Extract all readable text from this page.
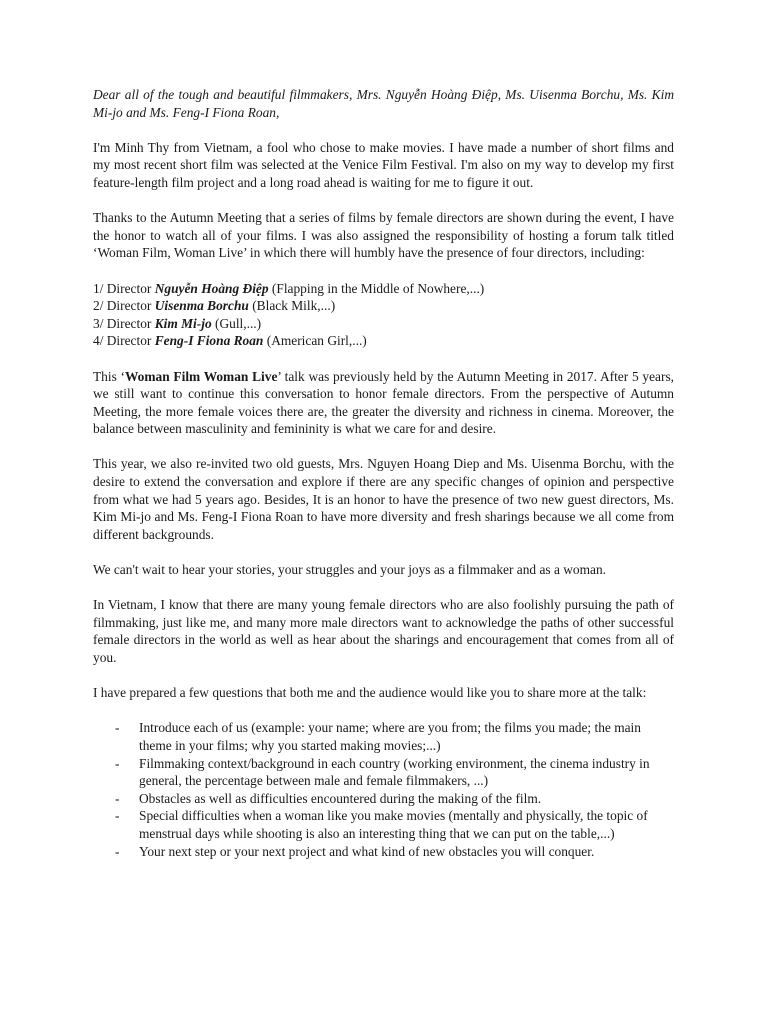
Dear all of the tough and beautiful filmmakers, Mrs. Nguyễn Hoàng Điệp, Ms. Uisenma Borchu, Ms. Kim Mi-jo and Ms. Feng-I Fiona Roan,

I'm Minh Thy from Vietnam, a fool who chose to make movies. I have made a number of short films and my most recent short film was selected at the Venice Film Festival. I'm also on my way to develop my first feature-length film project and a long road ahead is waiting for me to figure it out.

Thanks to the Autumn Meeting that a series of films by female directors are shown during the event, I have the honor to watch all of your films. I was also assigned the responsibility of hosting a forum talk titled ‘Woman Film, Woman Live’ in which there will humbly have the presence of four directors, including:

1/ Director Nguyễn Hoàng Điệp (Flapping in the Middle of Nowhere,...)
2/ Director Uisenma Borchu (Black Milk,...)
3/ Director Kim Mi-jo (Gull,...)
4/ Director Feng-I Fiona Roan (American Girl,...)

This ‘Woman Film Woman Live’ talk was previously held by the Autumn Meeting in 2017. After 5 years, we still want to continue this conversation to honor female directors. From the perspective of Autumn Meeting, the more female voices there are, the greater the diversity and richness in cinema. Moreover, the balance between masculinity and femininity is what we care for and desire.

This year, we also re-invited two old guests, Mrs. Nguyen Hoang Diep and Ms. Uisenma Borchu, with the desire to extend the conversation and explore if there are any specific changes of opinion and perspective from what we had 5 years ago. Besides, It is an honor to have the presence of two new guest directors, Ms. Kim Mi-jo and Ms. Feng-I Fiona Roan to have more diversity and fresh sharings because we all come from different backgrounds.

We can't wait to hear your stories, your struggles and your joys as a filmmaker and as a woman.

In Vietnam, I know that there are many young female directors who are also foolishly pursuing the path of filmmaking, just like me, and many more male directors want to acknowledge the paths of other successful female directors in the world as well as hear about the sharings and encouragement that comes from all of you.

I have prepared a few questions that both me and the audience would like you to share more at the talk:

- Introduce each of us (example: your name; where are you from; the films you made; the main theme in your films; why you started making movies;...)
- Filmmaking context/background in each country (working environment, the cinema industry in general, the percentage between male and female filmmakers, ...)
- Obstacles as well as difficulties encountered during the making of the film.
- Special difficulties when a woman like you make movies (mentally and physically, the topic of menstrual days while shooting is also an interesting thing that we can put on the table,...)
- Your next step or your next project and what kind of new obstacles you will conquer.
